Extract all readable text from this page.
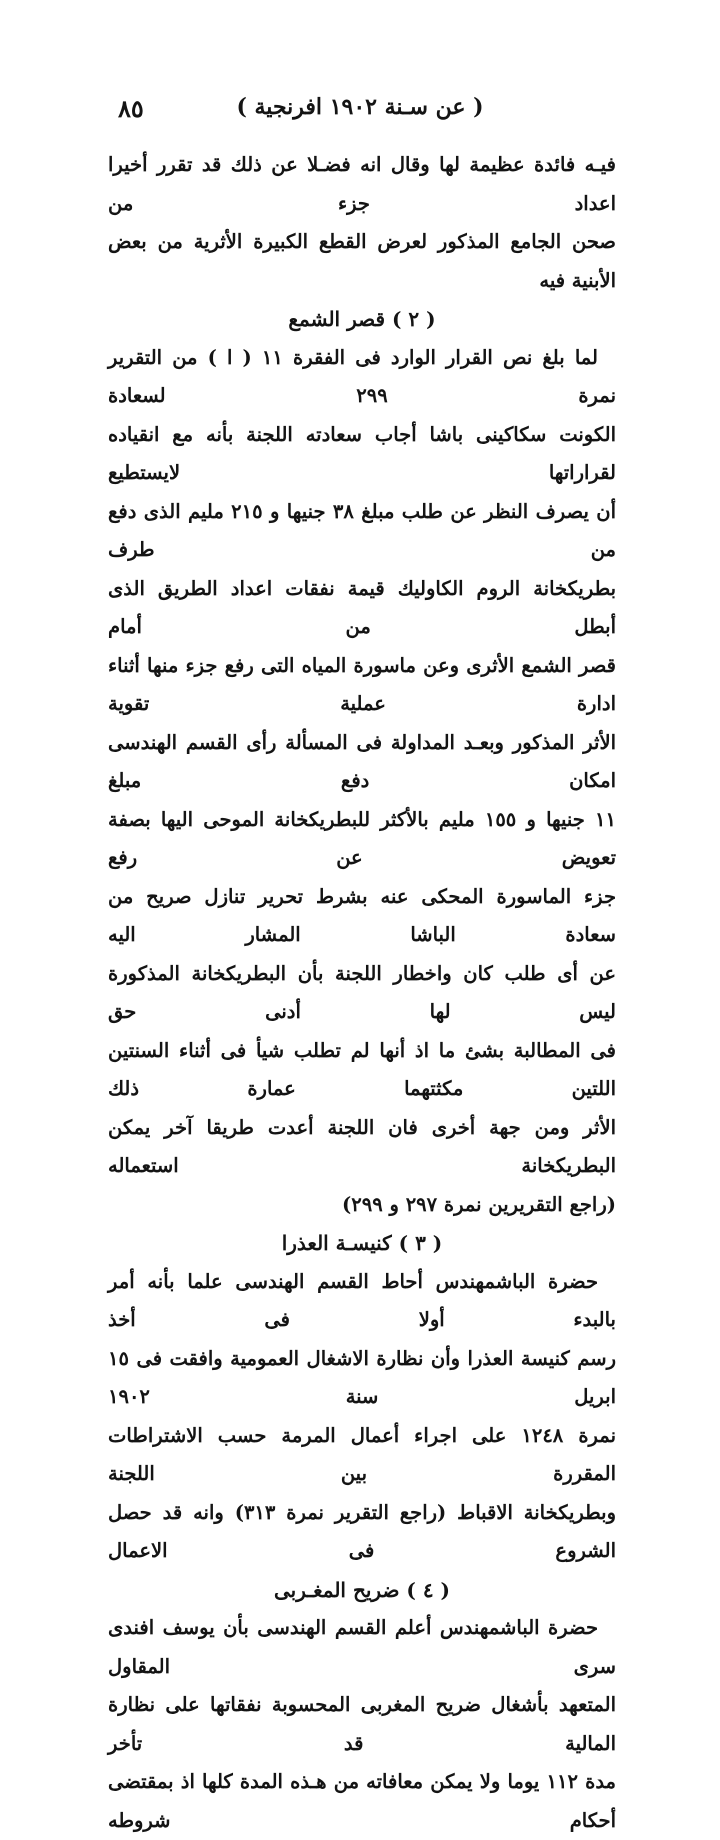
٨٥	( عن سـنة ١٩٠٢ افرنجية )

فيـه فائدة عظيمة لها وقال انه فضـلا عن ذلك قد تقرر أخيرا اعداد جزء من

صحن الجامع المذكور لعرض القطع الكبيرة الأثرية من بعض الأبنية فيه

( ٢ ) قصر الشمع

لما بلغ نص القرار الوارد فى الفقرة ١١ ( ا ) من التقرير نمرة ٢٩٩ لسعادة

الكونت سكاكينى باشا أجاب سعادته اللجنة بأنه مع انقياده لقراراتها لايستطيع

أن يصرف النظر عن طلب مبلغ ٣٨ جنيها و ٢١٥ مليم الذى دفع من طرف

بطريكخانة الروم الكاوليك قيمة نفقات اعداد الطريق الذى أبطل من أمام

قصر الشمع الأثرى وعن ماسورة المياه التى رفع جزء منها أثناء ادارة عملية تقوية

الأثر المذكور وبعـد المداولة فى المسألة رأى القسم الهندسى امكان دفع مبلغ

١١ جنيها و ١٥٥ مليم بالأكثر للبطريكخانة الموحى اليها بصفة تعويض عن رفع

جزء الماسورة المحكى عنه بشرط تحرير تنازل صريح من سعادة الباشا المشار اليه

عن أى طلب كان واخطار اللجنة بأن البطريكخانة المذكورة ليس لها أدنى حق

فى المطالبة بشئ ما اذ أنها لم تطلب شيأ فى أثناء السنتين اللتين مكثتهما عمارة ذلك

الأثر ومن جهة أخرى فان اللجنة أعدت طريقا آخر يمكن البطريكخانة استعماله

(راجع التقريرين نمرة ٢٩٧ و ٢٩٩)

( ٣ ) كنيسـة العذرا

حضرة الباشمهندس أحاط القسم الهندسى علما بأنه أمر بالبدء أولا فى أخذ

رسم كنيسة العذرا وأن نظارة الاشغال العمومية وافقت فى ١٥ ابريل سنة ١٩٠٢

نمرة ١٢٤٨ على اجراء أعمال المرمة حسب الاشتراطات المقررة بين اللجنة

وبطريكخانة الاقباط (راجع التقرير نمرة ٣١٣) وانه قد حصل الشروع فى الاعمال

( ٤ ) ضريح المغـربى

حضرة الباشمهندس أعلم القسم الهندسى بأن يوسف افندى سرى المقاول

المتعهد بأشغال ضريح المغربى المحسوبة نفقاتها على نظارة المالية قد تأخر

مدة ١١٢ يوما ولا يمكن معافاته من هـذه المدة كلها اذ بمقتضى أحكام شروطه
